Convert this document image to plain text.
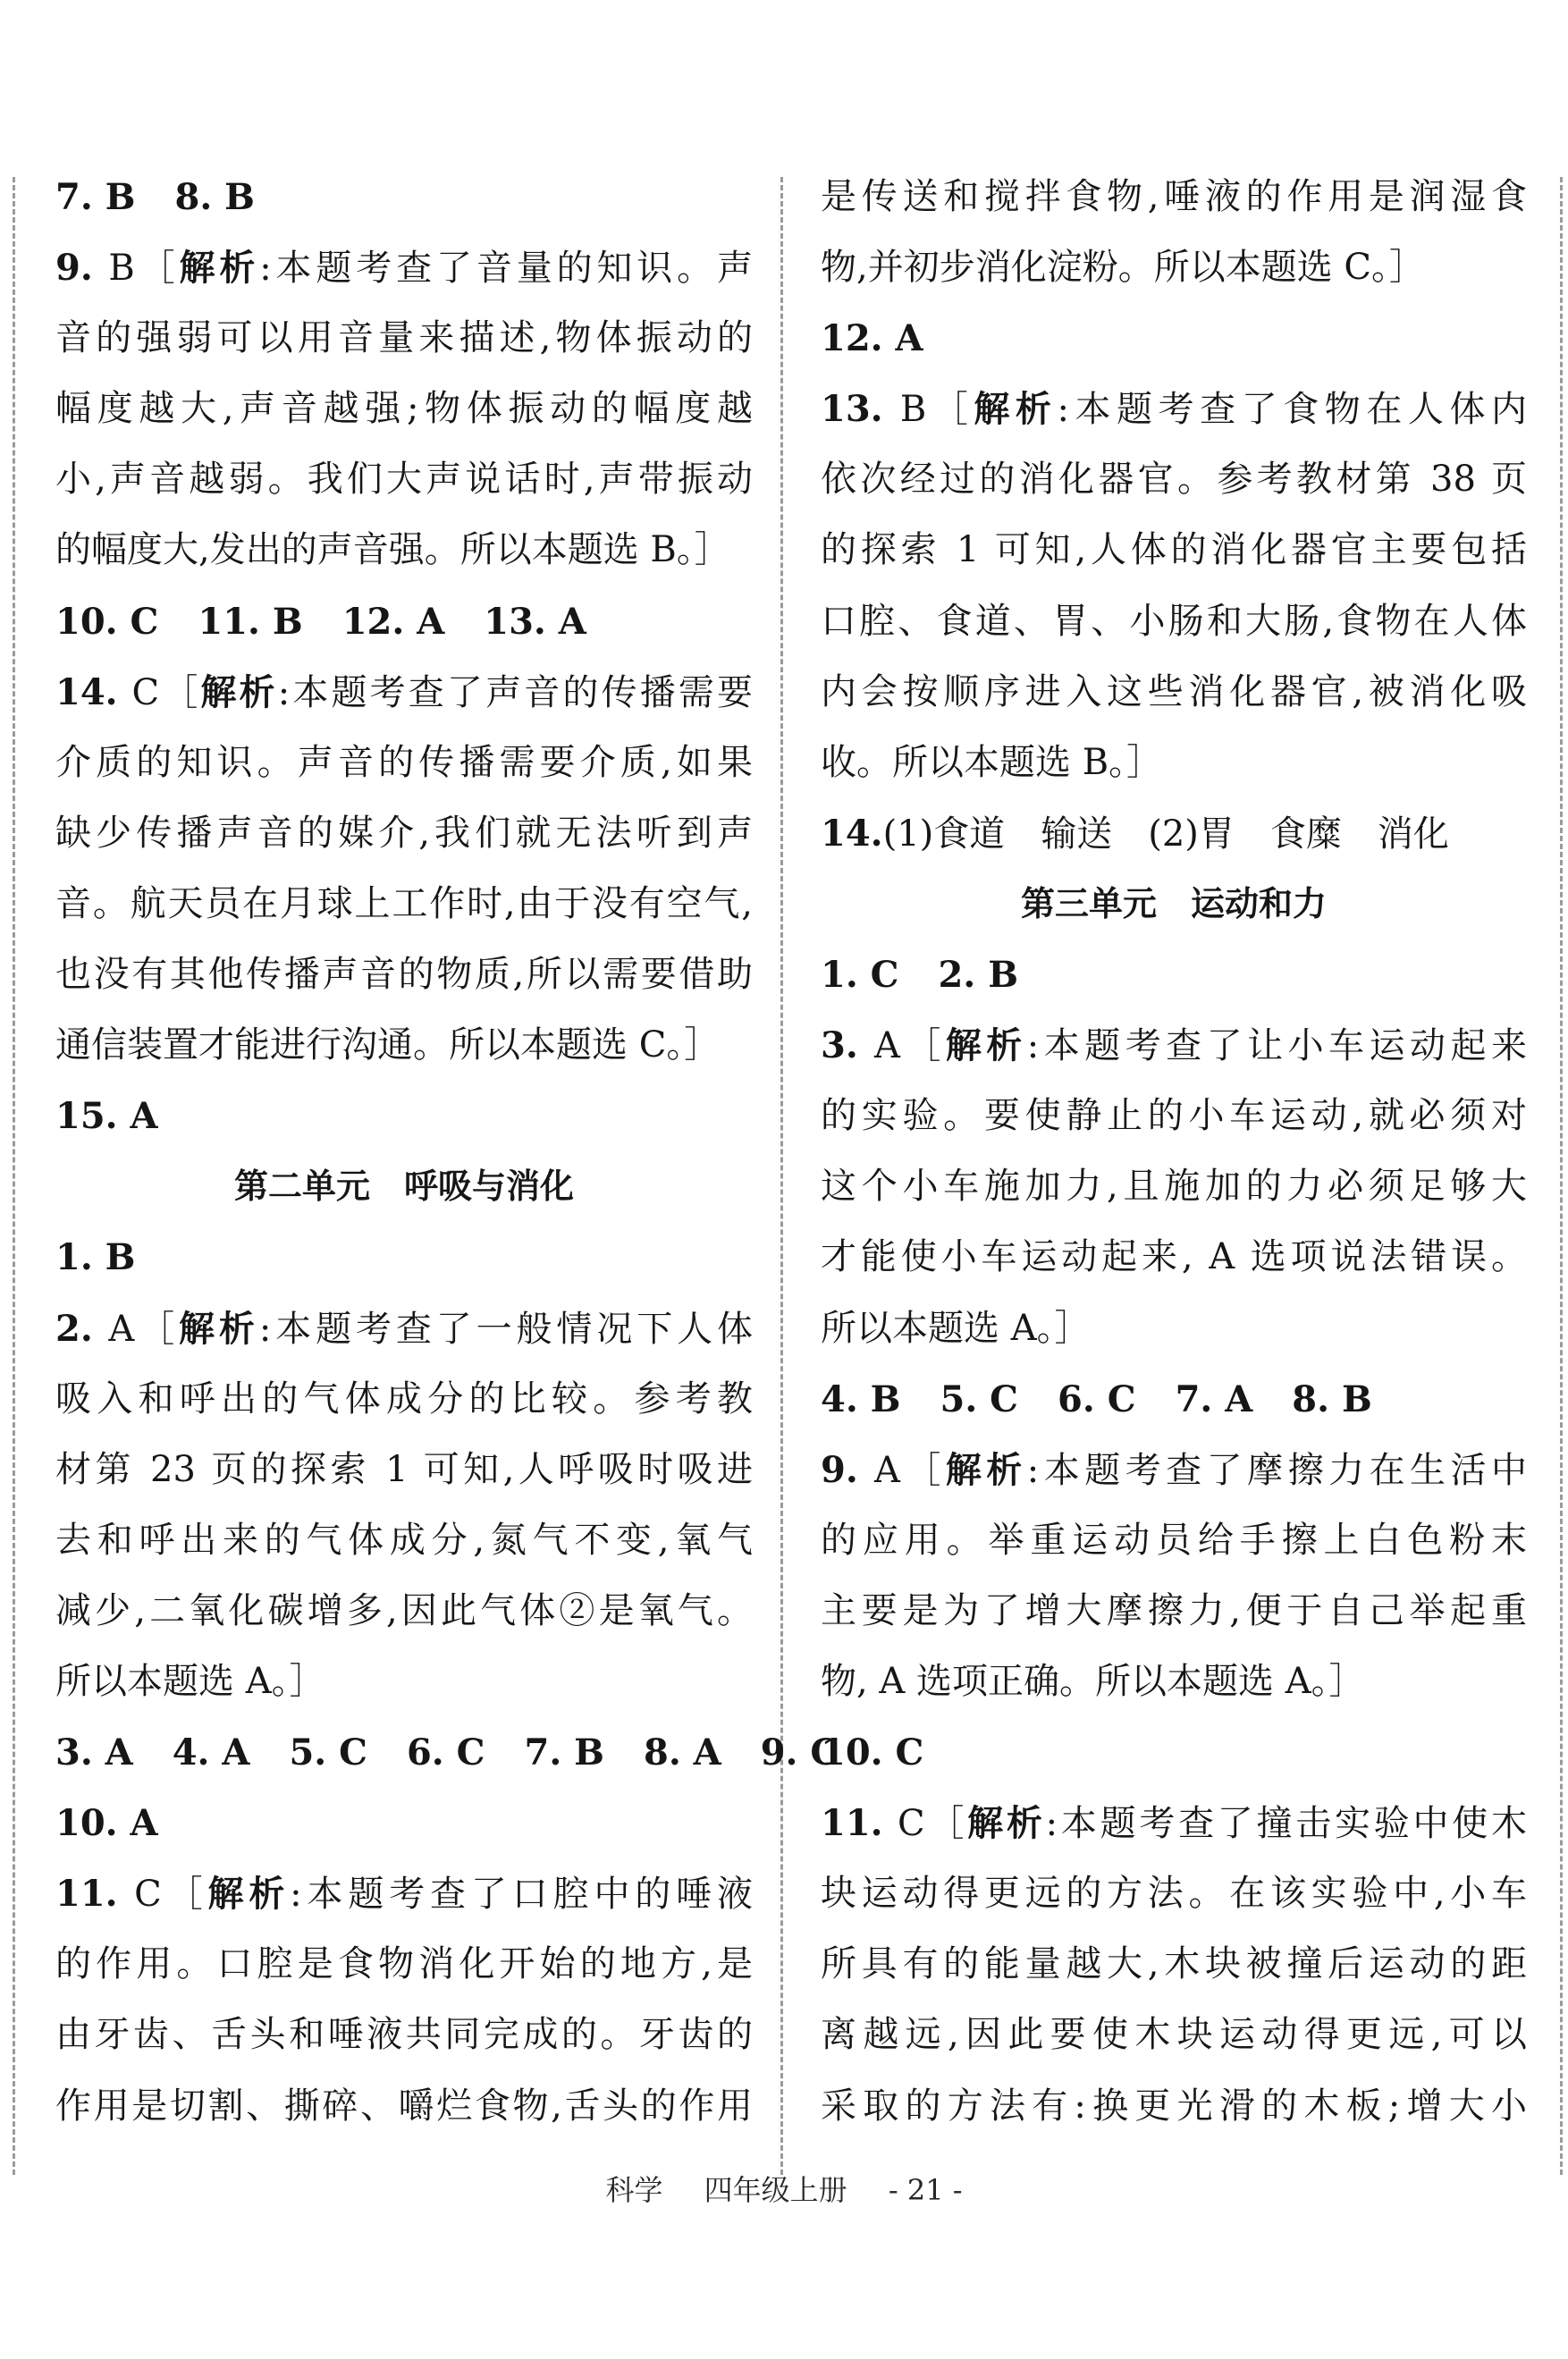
7. B 8. B
9. B［解析:本题考查了音量的知识。声
音的强弱可以用音量来描述,物体振动的
幅度越大,声音越强;物体振动的幅度越
小,声音越弱。我们大声说话时,声带振动
的幅度大,发出的声音强。所以本题选 B。］
10. C 11. B 12. A 13. A
14. C［解析:本题考查了声音的传播需要
介质的知识。声音的传播需要介质,如果
缺少传播声音的媒介,我们就无法听到声
音。航天员在月球上工作时,由于没有空气,
也没有其他传播声音的物质,所以需要借助
通信装置才能进行沟通。所以本题选 C。］
15. A
第二单元　呼吸与消化
1. B
2. A［解析:本题考查了一般情况下人体
吸入和呼出的气体成分的比较。参考教
材第 23 页的探索 1 可知,人呼吸时吸进
去和呼出来的气体成分,氮气不变,氧气
减少,二氧化碳增多,因此气体②是氧气。
所以本题选 A。］
3. A 4. A 5. C 6. C 7. B 8. A 9. C
10. A
11. C［解析:本题考查了口腔中的唾液
的作用。口腔是食物消化开始的地方,是
由牙齿、舌头和唾液共同完成的。牙齿的
作用是切割、撕碎、嚼烂食物,舌头的作用
是传送和搅拌食物,唾液的作用是润湿食
物,并初步消化淀粉。所以本题选 C。］
12. A
13. B［解析:本题考查了食物在人体内
依次经过的消化器官。参考教材第 38 页
的探索 1 可知,人体的消化器官主要包括
口腔、食道、胃、小肠和大肠,食物在人体
内会按顺序进入这些消化器官,被消化吸
收。所以本题选 B。］
14.(1)食道　输送　(2)胃　食糜　消化
第三单元　运动和力
1. C 2. B
3. A［解析:本题考查了让小车运动起来
的实验。要使静止的小车运动,就必须对
这个小车施加力,且施加的力必须足够大
才能使小车运动起来, A 选项说法错误。
所以本题选 A。］
4. B 5. C 6. C 7. A 8. B
9. A［解析:本题考查了摩擦力在生活中
的应用。举重运动员给手擦上白色粉末
主要是为了增大摩擦力,便于自己举起重
物, A 选项正确。所以本题选 A。］
10. C
11. C［解析:本题考查了撞击实验中使木
块运动得更远的方法。在该实验中,小车
所具有的能量越大,木块被撞后运动的距
离越远,因此要使木块运动得更远,可以
采取的方法有:换更光滑的木板;增大小
科学 四年级上册 - 21 -
